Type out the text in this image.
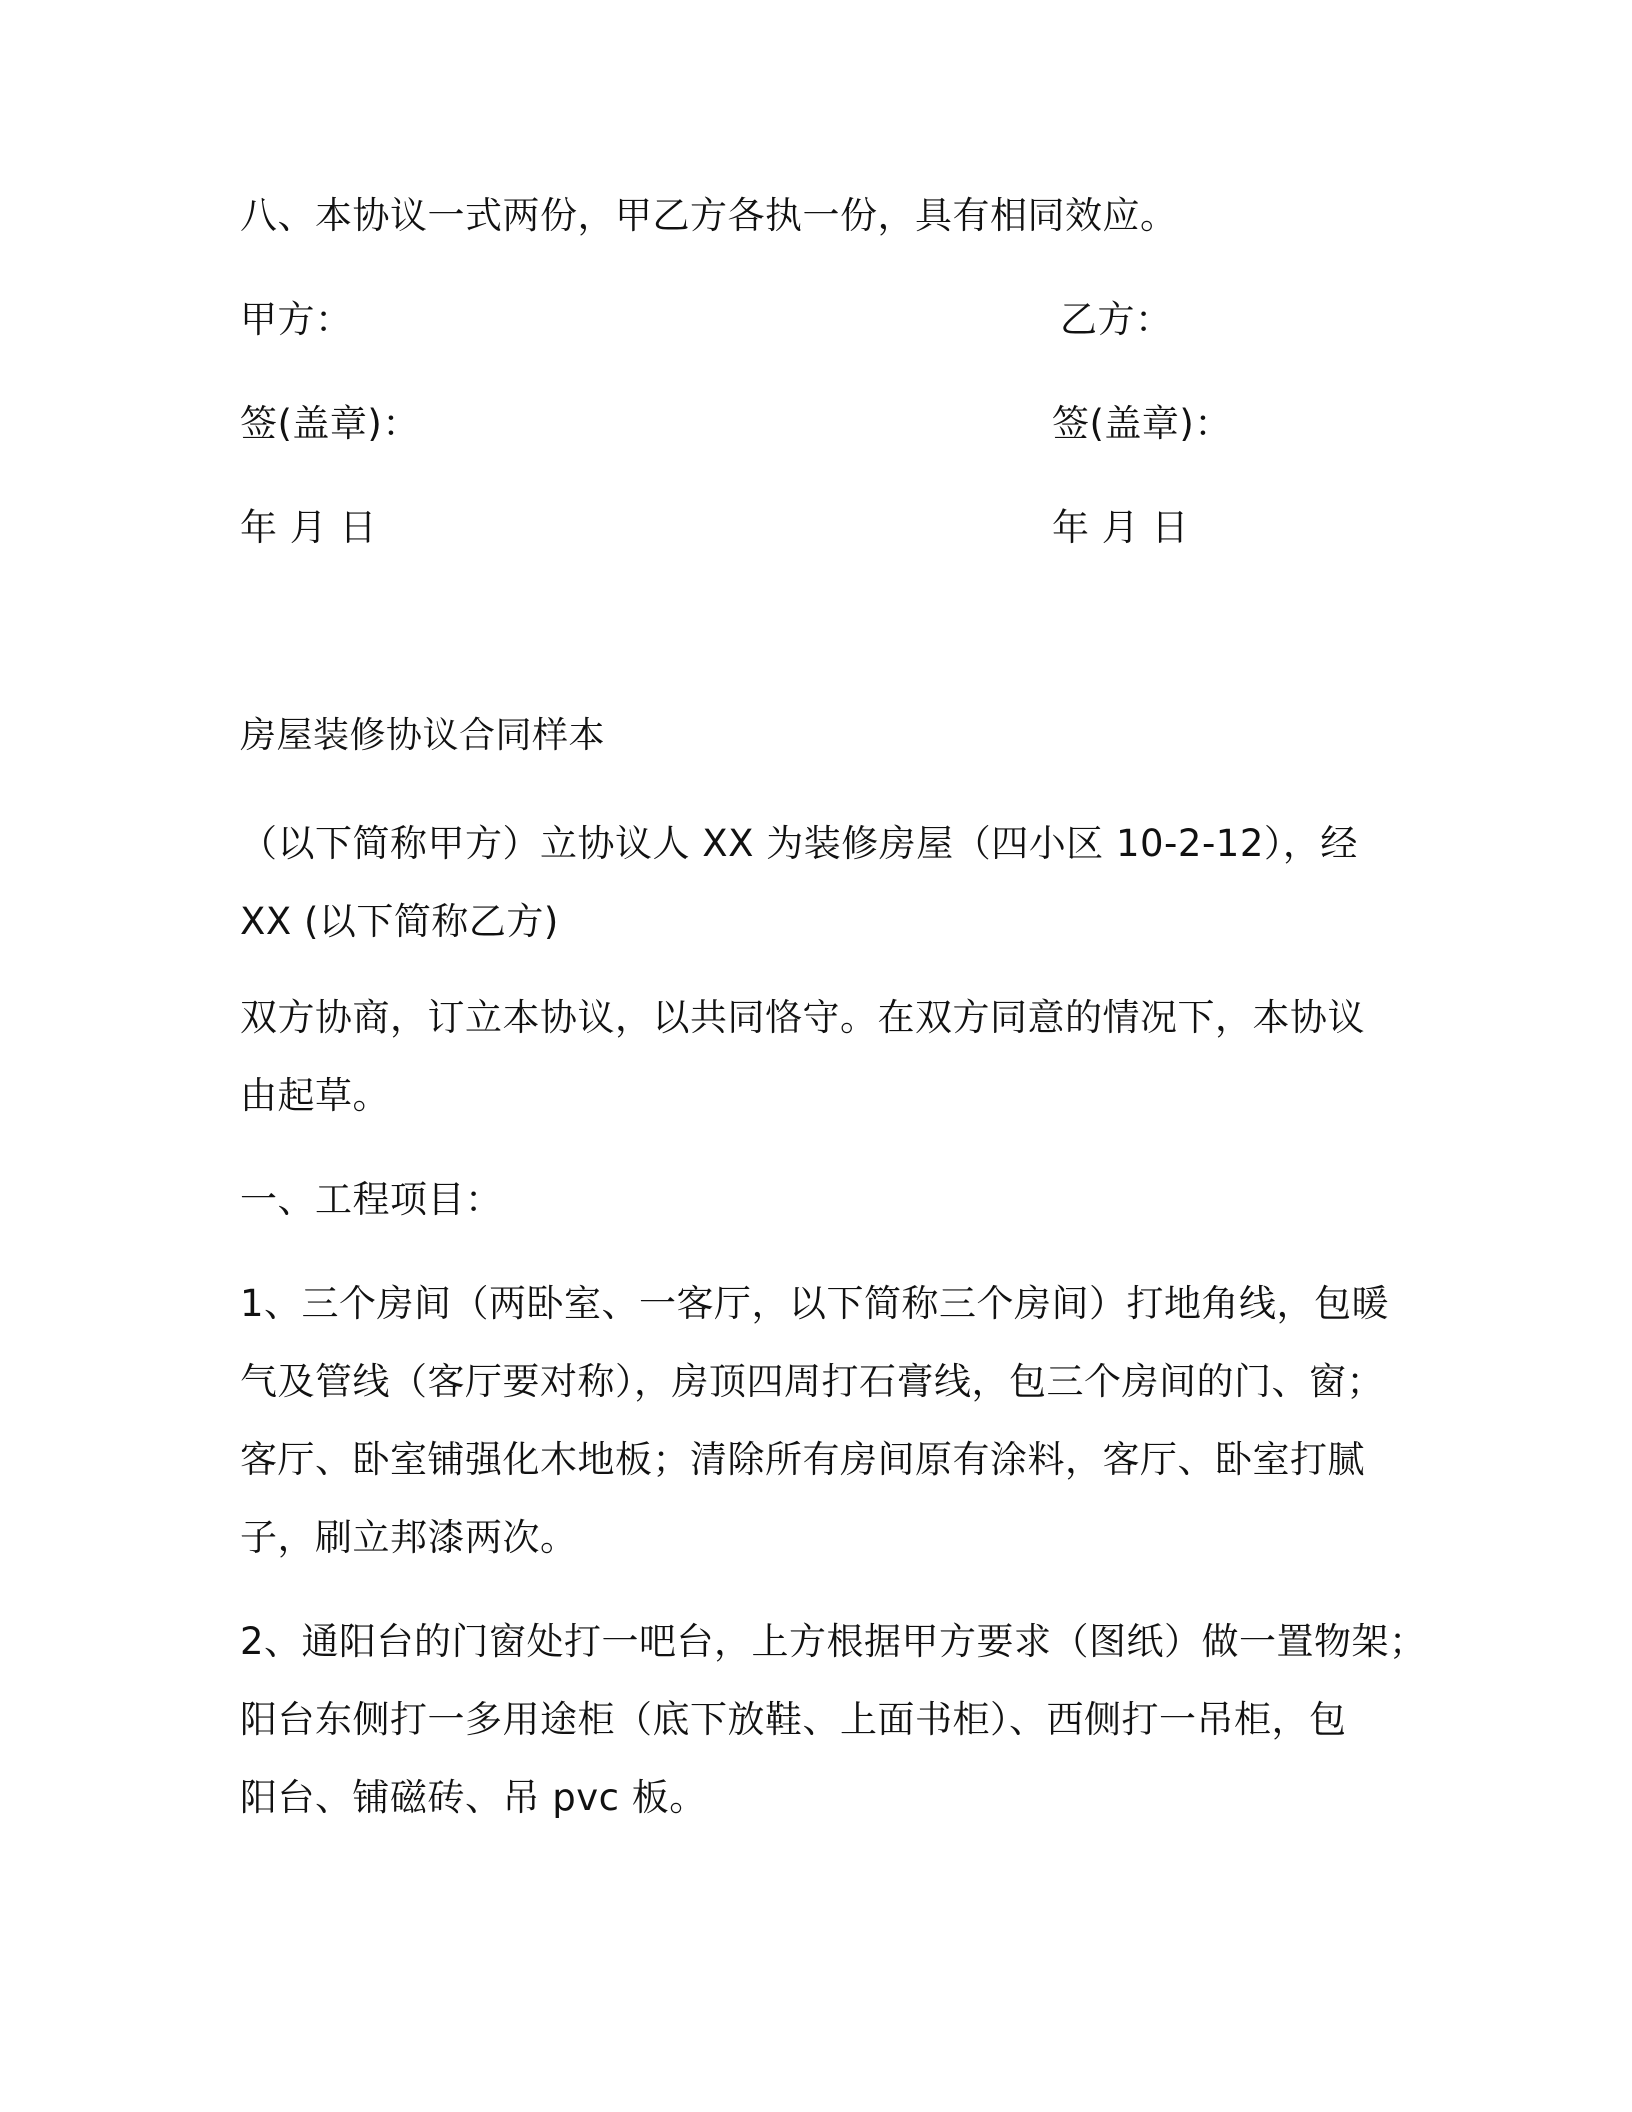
八、本协议一式两份，甲乙方各执一份，具有相同效应。
甲方：	乙方：
签(盖章)：	签(盖章)：
年 月 日	年 月 日
房屋装修协议合同样本
（以下简称甲方）立协议人 XX 为装修房屋（四小区 10-2-12），经
XX (以下简称乙方)
双方协商，订立本协议，以共同恪守。在双方同意的情况下，本协议
由起草。
一、工程项目：
1、三个房间（两卧室、一客厅，以下简称三个房间）打地角线，包暖
气及管线（客厅要对称），房顶四周打石膏线，包三个房间的门、窗；
客厅、卧室铺强化木地板；清除所有房间原有涂料，客厅、卧室打腻
子，刷立邦漆两次。
2、通阳台的门窗处打一吧台，上方根据甲方要求（图纸）做一置物架；
阳台东侧打一多用途柜（底下放鞋、上面书柜）、西侧打一吊柜，包
阳台、铺磁砖、吊 pvc 板。
